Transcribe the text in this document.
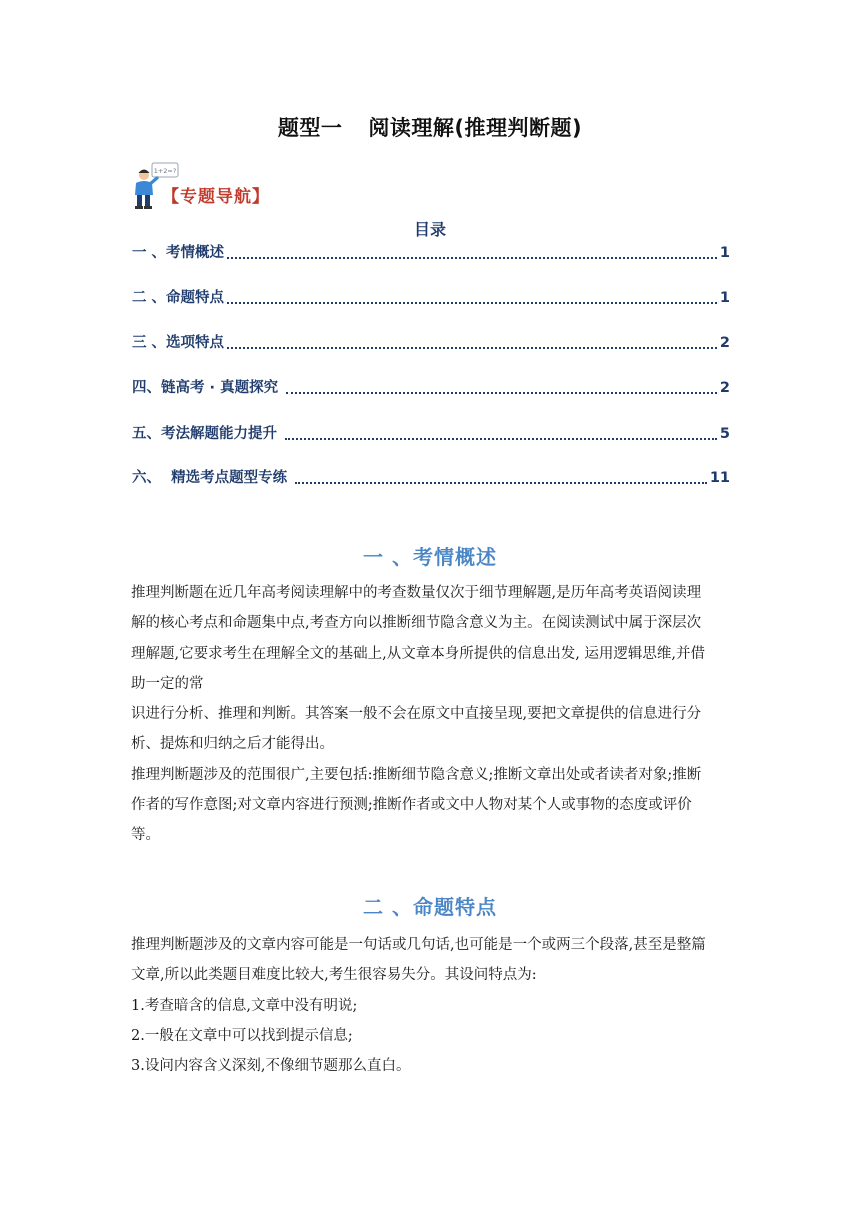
题型一 阅读理解(推理判断题)
1+2=?
【专题导航】
目录
一 、考情概述	1
二 、命题特点	1
三 、选项特点	2
四、链高考 · 真题探究	2
五、考法解题能力提升	5
六、  精选考点题型专练	11
一 、考情概述

推理判断题在近几年高考阅读理解中的考查数量仅次于细节理解题,是历年高考英语阅读理

解的核心考点和命题集中点,考查方向以推断细节隐含意义为主。在阅读测试中属于深层次

理解题,它要求考生在理解全文的基础上,从文章本身所提供的信息出发, 运用逻辑思维,并借

助一定的常

识进行分析、推理和判断。其答案一般不会在原文中直接呈现,要把文章提供的信息进行分

析、提炼和归纳之后才能得出。

推理判断题涉及的范围很广,主要包括:推断细节隐含意义;推断文章出处或者读者对象;推断

作者的写作意图;对文章内容进行预测;推断作者或文中人物对某个人或事物的态度或评价

等。

二 、命题特点

推理判断题涉及的文章内容可能是一句话或几句话,也可能是一个或两三个段落,甚至是整篇

文章,所以此类题目难度比较大,考生很容易失分。其设问特点为:

1.考查暗含的信息,文章中没有明说;

2.一般在文章中可以找到提示信息;

3.设问内容含义深刻,不像细节题那么直白。
